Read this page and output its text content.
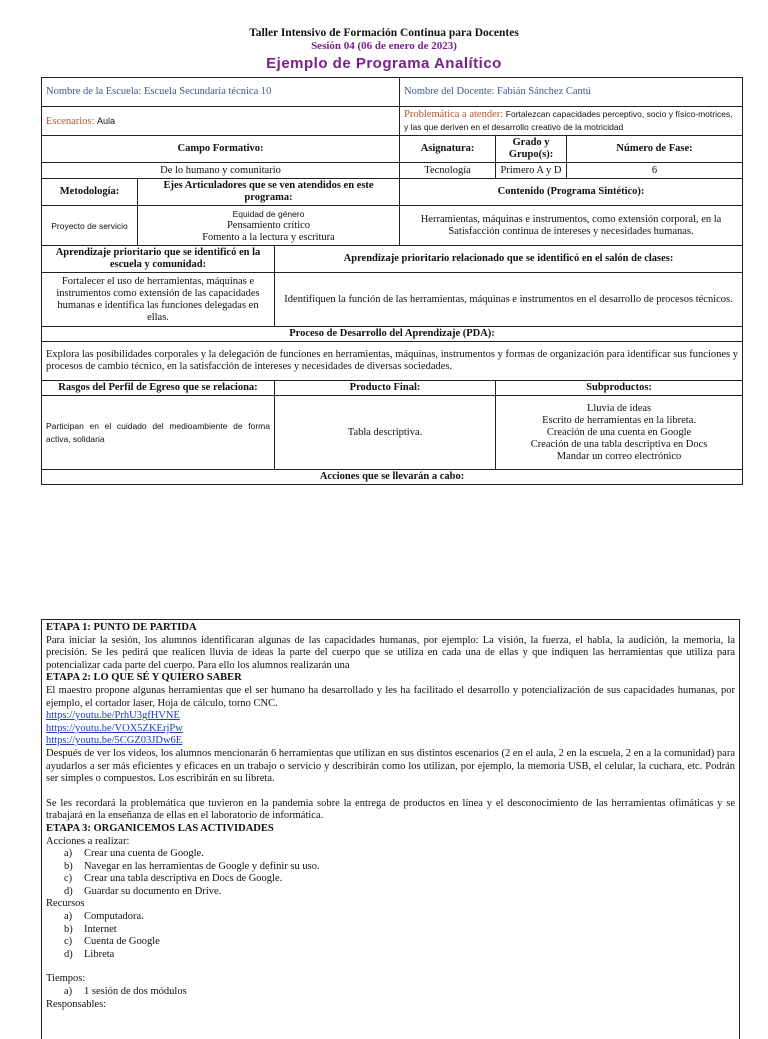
Taller Intensivo de Formación Continua para Docentes
Sesión 04 (06 de enero de 2023)
Ejemplo de Programa Analítico
Nombre de la Escuela: Escuela Secundaria técnica 10			Nombre del Docente: Fabián Sánchez Cantú		
Escenarios: Aula			Problemática a atender: Fortalezcan capacidades perceptivo, socio y físico-motrices, y las que deriven en el desarrollo creativo de la motricidad		
Campo Formativo:			Asignatura:	Grado y Grupo(s):	Número de Fase:
De lo humano y comunitario			Tecnología	Primero A y D	6
Metodología:	Ejes Articuladores que se ven atendidos en este programa:		Contenido (Programa Sintético):		
Proyecto de servicio	Equidad de género
Pensamiento crítico
Fomento a la lectura y escritura		Herramientas, máquinas e instrumentos, como extensión corporal, en la Satisfacción continua de intereses y necesidades humanas.		
Aprendizaje prioritario que se identificó en la escuela y comunidad:		Aprendizaje prioritario relacionado que se identificó en el salón de clases:			
Fortalecer el uso de herramientas, máquinas e instrumentos como extensión de las capacidades humanas e identifica las funciones delegadas en ellas.		Identifiquen la función de las herramientas, máquinas e instrumentos en el desarrollo de procesos técnicos.			
Proceso de Desarrollo del Aprendizaje (PDA):					
Explora las posibilidades corporales y la delegación de funciones en herramientas, máquinas, instrumentos y formas de organización para identificar sus funciones y procesos de cambio técnico, en la satisfacción de intereses y necesidades de diversas sociedades.					
Rasgos del Perfil de Egreso que se relaciona:		Producto Final:		Subproductos:	
Participan en el cuidado del medioambiente de forma activa, solidaria		Tabla descriptiva.		Lluvia de ideas
Escrito de herramientas en la libreta.
Creación de una cuenta en Google
Creación de una tabla descriptiva en Docs
Mandar un correo electrónico	

Acciones que se llevarán a cabo:					
ETAPA 1: PUNTO DE PARTIDA

Para iniciar la sesión, los alumnos identificaran algunas de las capacidades humanas, por ejemplo: La visión, la fuerza, el habla, la audición, la memoria, la precisión. Se les pedirá que realicen lluvia de ideas la parte del cuerpo que se utiliza en cada una de ellas y que indiquen las herramientas que utiliza para potencializar cada parte del cuerpo. Para ello los alumnos realizarán una

ETAPA 2: LO QUE SÉ Y QUIERO SABER

El maestro propone algunas herramientas que el ser humano ha desarrollado y les ha facilitado el desarrollo y potencialización de sus capacidades humanas, por ejemplo, el cortador laser, Hoja de cálculo, torno CNC.

https://youtu.be/PrhU3gfHVNE
https://youtu.be/VOX5ZKErjPw
https://youtu.be/5CGZ03JDw6E

Después de ver los videos, los alumnos mencionarán 6 herramientas que utilizan en sus distintos escenarios (2 en el aula, 2 en la escuela, 2 en a la comunidad) para ayudarlos a ser más eficientes y eficaces en un trabajo o servicio y describirán como los utilizan, por ejemplo, la memoria USB, el celular, la cuchara, etc. Podrán ser simples o compuestos. Los escribirán en su libreta.

Se les recordará la problemática que tuvieron en la pandemia sobre la entrega de productos en línea y el desconocimiento de las herramientas ofimáticas y se trabajará en la enseñanza de ellas en el laboratorio de informática.

ETAPA 3: ORGANICEMOS LAS ACTIVIDADES
Acciones a realizar:
a) Crear una cuenta de Google.
b) Navegar en las herramientas de Google y definir su uso.
c) Crear una tabla descriptiva en Docs de Google.
d) Guardar su documento en Drive.
Recursos
a) Computadora.
b) Internet
c) Cuenta de Google
d) Libreta
Tiempos:
a) 1 sesión de dos módulos
Responsables:
